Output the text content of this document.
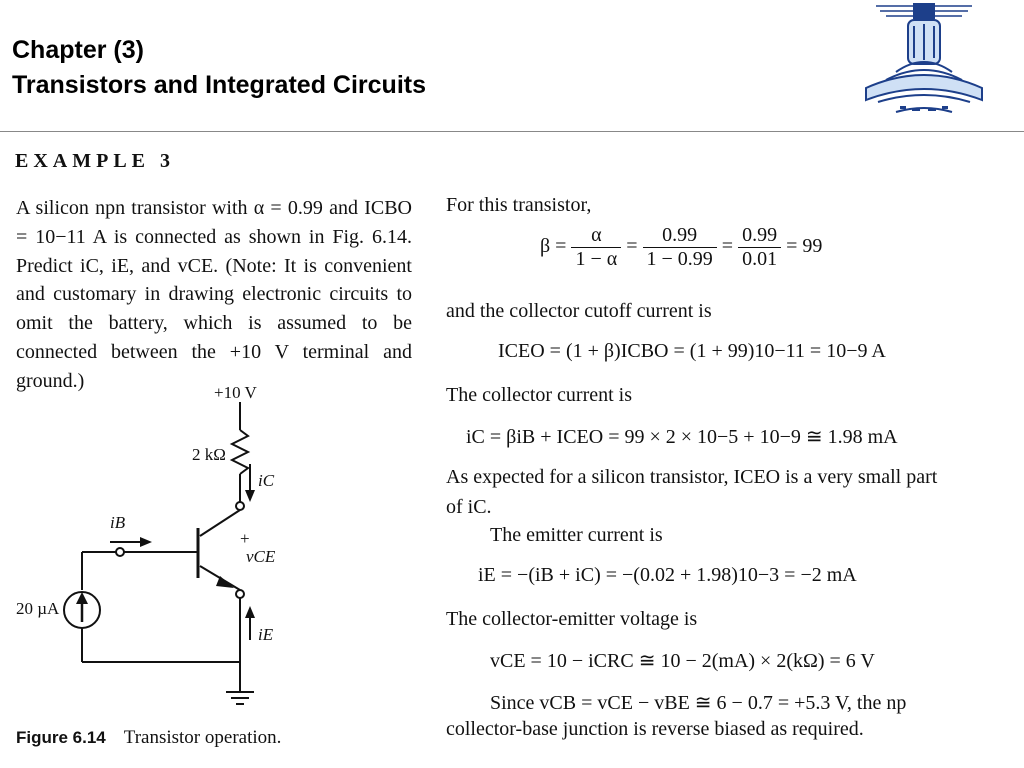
Chapter (3)
Transistors and Integrated Circuits
EXAMPLE 3
A silicon npn transistor with α = 0.99 and ICBO = 10−11 A is connected as shown in Fig. 6.14. Predict iC, iE, and vCE. (Note: It is convenient and customary in drawing electronic circuits to omit the battery, which is assumed to be connected between the +10 V terminal and ground.)
+10 V
2 kΩ
iC
iB
+
vCE
20 µA
iE
Figure 6.14 Transistor operation.
For this transistor,
$\beta = \frac{\alpha}{1 - \alpha} = \frac{0.99}{1 - 0.99} = \frac{0.99}{0.01} = 99$
and the collector cutoff current is
ICEO = (1 + β)ICBO = (1 + 99)10−11 = 10−9 A
The collector current is
iC = βiB + ICEO = 99 × 2 × 10−5 + 10−9 ≅ 1.98 mA
As expected for a silicon transistor, ICEO is a very small part
of iC.
The emitter current is
iE = −(iB + iC) = −(0.02 + 1.98)10−3 = −2 mA
The collector-emitter voltage is
vCE = 10 − iCRC ≅ 10 − 2(mA) × 2(kΩ) = 6 V
Since vCB = vCE − vBE ≅ 6 − 0.7 = +5.3 V, the np
collector-base junction is reverse biased as required.
